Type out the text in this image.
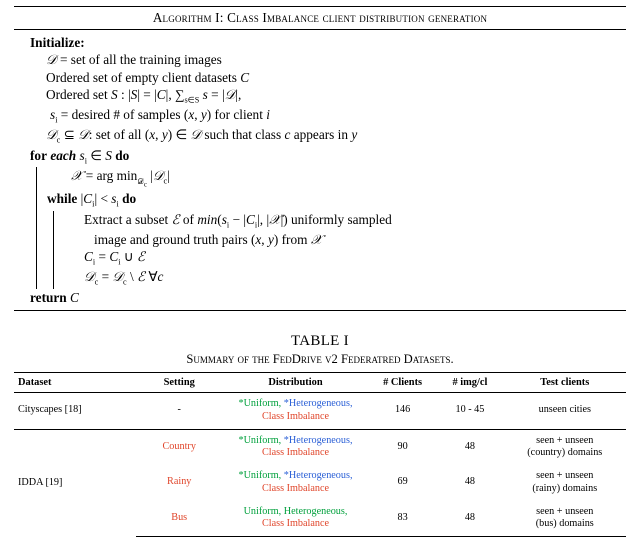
Algorithm I: Class Imbalance client distribution generation
Initialize:
𝒟 = set of all the training images
Ordered set of empty client datasets C
Ordered set S : |S| = |C|, $\sum_{s\in S}$ s = |𝒟|,
$s_i$ = desired # of samples (x, y) for client i
𝒟$_c$ ⊆ 𝒟: set of all (x, y) ∈ 𝒟 such that class c appears in y
for each $s_i$ ∈ S do
𝒳 = arg $\min_{𝒟_c}$ |𝒟$_c$|
while $|C_i| < s_i$ do
Extract a subset ℰ of $\min(s_i - |C_i|$, |𝒳|) uniformly sampled
image and ground truth pairs (x, y) from 𝒳
$C_i = C_i$ ∪ ℰ
𝒟$_c$ = 𝒟$_c$ \ ℰ ∀c
return C
TABLE I
Summary of the FedDrive v2 Federatred Datasets.
Dataset	Setting	Distribution	# Clients	# img/cl	Test clients
Cityscapes [18]	-	*Uniform, *Heterogeneous,
Class Imbalance	146	10 - 45	unseen cities
IDDA [19]	Country	*Uniform, *Heterogeneous,
Class Imbalance	90	48	seen + unseen
(country) domains
	Rainy	*Uniform, *Heterogeneous,
Class Imbalance	69	48	seen + unseen
(rainy) domains
	Bus	Uniform, Heterogeneous,
Class Imbalance	83	48	seen + unseen
(bus) domains
